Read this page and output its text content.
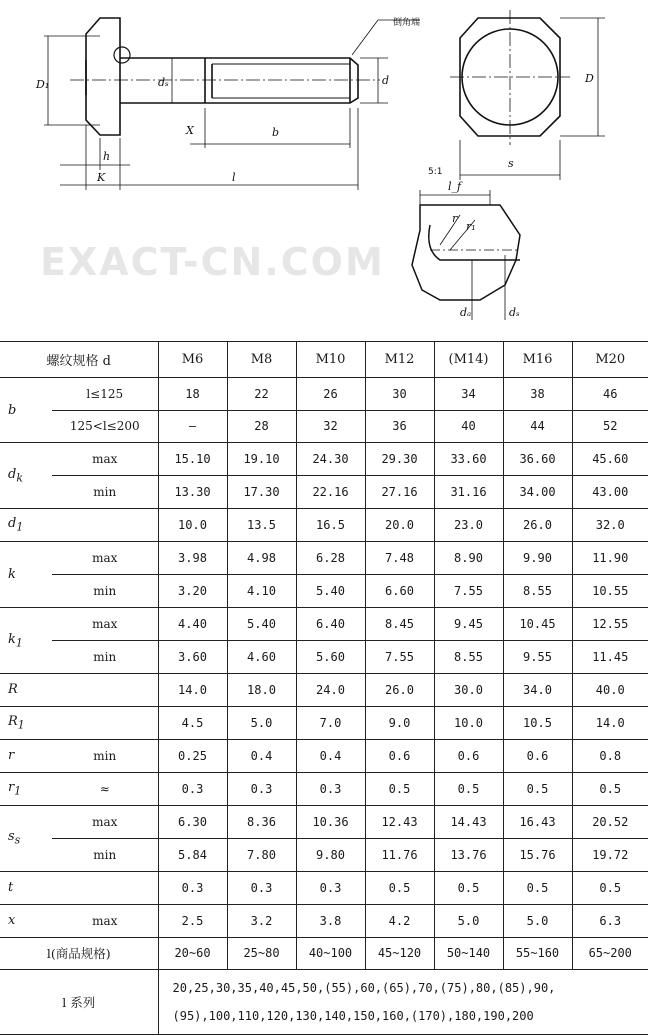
EXACT-CN.COM
D₁	dₛ	d
X	b
h
K	l
倒角端
D
s
5:1
l_f
r
r₁
dₐ	dₛ
螺纹规格 d		M6	M8	M10	M12	(M14)	M16	M20
b	l≤125	18	22	26	30	34	38	46
	125<l≤200	—	28	32	36	40	44	52
$d_k$	max	15.10	19.10	24.30	29.30	33.60	36.60	45.60
	min	13.30	17.30	22.16	27.16	31.16	34.00	43.00
$d_1$		10.0	13.5	16.5	20.0	23.0	26.0	32.0
k	max	3.98	4.98	6.28	7.48	8.90	9.90	11.90
	min	3.20	4.10	5.40	6.60	7.55	8.55	10.55
$k_1$	max	4.40	5.40	6.40	8.45	9.45	10.45	12.55
	min	3.60	4.60	5.60	7.55	8.55	9.55	11.45
R		14.0	18.0	24.0	26.0	30.0	34.0	40.0
$R_1$		4.5	5.0	7.0	9.0	10.0	10.5	14.0
r	min	0.25	0.4	0.4	0.6	0.6	0.6	0.8
$r_1$	≈	0.3	0.3	0.3	0.5	0.5	0.5	0.5
$s_s$	max	6.30	8.36	10.36	12.43	14.43	16.43	20.52
	min	5.84	7.80	9.80	11.76	13.76	15.76	19.72
t		0.3	0.3	0.3	0.5	0.5	0.5	0.5
x	max	2.5	3.2	3.8	4.2	5.0	5.0	6.3
l(商品规格)		20~60	25~80	40~100	45~120	50~140	55~160	65~200
l 系列		20,25,30,35,40,45,50,(55),60,(65),70,(75),80,(85),90,
(95),100,110,120,130,140,150,160,(170),180,190,200						
